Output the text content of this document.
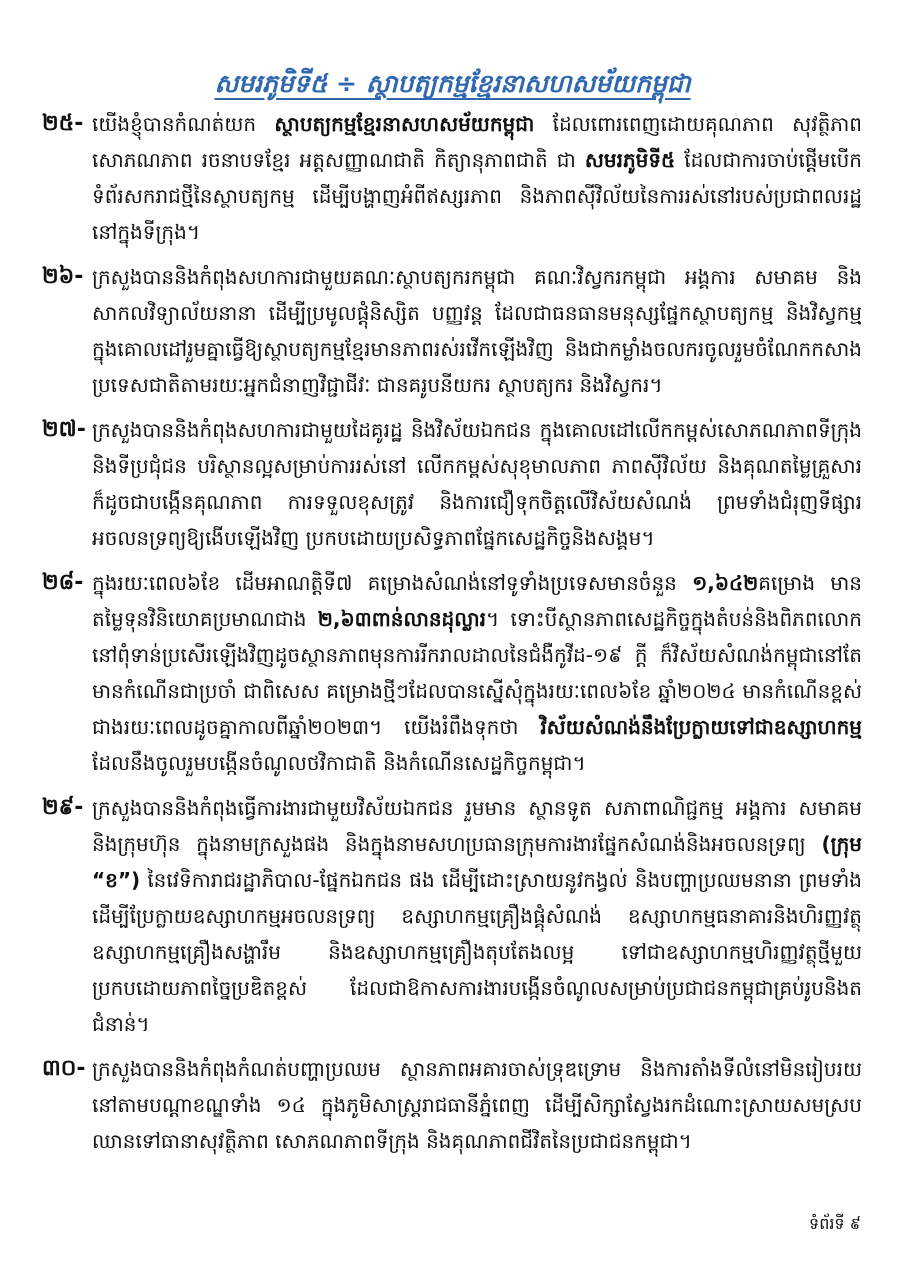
សមរភូមិទី៥ ÷ ស្ថាបត្យកម្មខ្មែរនាសហសម័យកម្ពុជា
២៥- យើងខ្ញុំបានកំណត់យក ស្ថាបត្យកម្មខ្មែរនាសហសម័យកម្ពុជា ដែលពោរពេញដោយគុណភាព សុវត្ថិភាព សោភណភាព រចនាបទខ្មែរ អត្តសញ្ញាណជាតិ កិត្យានុភាពជាតិ ជា សមរភូមិទី៥ ដែលជាការចាប់ផ្តើមបើកទំព័រសករាជថ្មីនៃស្ថាបត្យកម្ម ដើម្បីបង្ហាញអំពីឥស្សរភាព និងភាពស៊ីវិល័យនៃការរស់នៅរបស់ប្រជាពលរដ្ឋនៅក្នុងទីក្រុង។
២៦- ក្រសួងបាននិងកំពុងសហការជាមួយគណៈស្ថាបត្យករកម្ពុជា គណៈវិស្វករកម្ពុជា អង្គការ សមាគម និងសាកលវិទ្យាល័យនានា ដើម្បីប្រមូលផ្តុំនិស្សិត បញ្ញវន្ត ដែលជាធនធានមនុស្សផ្នែកស្ថាបត្យកម្ម និងវិស្វកម្ម ក្នុងគោលដៅរួមគ្នាធ្វើឱ្យស្ថាបត្យកម្មខ្មែរមានភាពរស់រវើកឡើងវិញ និងជាកម្លាំងចលករចូលរួមចំណែកកសាងប្រទេសជាតិតាមរយៈអ្នកជំនាញវិជ្ជាជីវៈ ជានគរូបនីយករ ស្ថាបត្យករ និងវិស្វករ។
២៧- ក្រសួងបាននិងកំពុងសហការជាមួយដៃគូរដ្ឋ និងវិស័យឯកជន ក្នុងគោលដៅលើកកម្ពស់សោភណភាពទីក្រុងនិងទីប្រជុំជន បរិស្ថានល្អសម្រាប់ការរស់នៅ លើកកម្ពស់សុខុមាលភាព ភាពស៊ីវិល័យ និងគុណតម្លៃគ្រួសារ ក៏ដូចជាបង្កើនគុណភាព ការទទួលខុសត្រូវ និងការជឿទុកចិត្តលើវិស័យសំណង់ ព្រមទាំងជំរុញទីផ្សារអចលនទ្រព្យឱ្យងើបឡើងវិញ ប្រកបដោយប្រសិទ្ធភាពផ្នែកសេដ្ឋកិច្ចនិងសង្គម។
២៨- ក្នុងរយៈពេល៦ខែ ដើមអាណត្តិទី៧ គម្រោងសំណង់នៅទូទាំងប្រទេសមានចំនួន ១,៦៤២គម្រោង មានតម្លៃទុនវិនិយោគប្រមាណជាង ២,៦៣ពាន់លានដុល្លារ។ ទោះបីស្ថានភាពសេដ្ឋកិច្ចក្នុងតំបន់និងពិភពលោកនៅពុំទាន់ប្រសើរឡើងវិញដូចស្ថានភាពមុនការរីករាលដាលនៃជំងឺកូវីដ-១៩ ក្តី ក៏វិស័យសំណង់កម្ពុជានៅតែមានកំណើនជាប្រចាំ ជាពិសេស គម្រោងថ្មីៗដែលបានស្នើសុំក្នុងរយៈពេល៦ខែ ឆ្នាំ២០២៤ មានកំណើនខ្ពស់ជាងរយៈពេលដូចគ្នាកាលពីឆ្នាំ២០២៣។ យើងរំពឹងទុកថា វិស័យសំណង់នឹងប្រែក្លាយទៅជាឧស្សាហកម្ម ដែលនឹងចូលរួមបង្កើនចំណូលថវិកាជាតិ និងកំណើនសេដ្ឋកិច្ចកម្ពុជា។
២៩- ក្រសួងបាននិងកំពុងធ្វើការងារជាមួយវិស័យឯកជន រួមមាន ស្ថានទូត សភាពាណិជ្ជកម្ម អង្គការ សមាគម និងក្រុមហ៊ុន ក្នុងនាមក្រសួងផង និងក្នុងនាមសហប្រធានក្រុមការងារផ្នែកសំណង់និងអចលនទ្រព្យ (ក្រុម “ខ”) នៃវេទិការាជរដ្ឋាភិបាល-ផ្នែកឯកជន ផង ដើម្បីដោះស្រាយនូវកង្វល់ និងបញ្ហាប្រឈមនានា ព្រមទាំងដើម្បីប្រែក្លាយឧស្សាហកម្មអចលនទ្រព្យ ឧស្សាហកម្មគ្រឿងផ្គុំសំណង់ ឧស្សាហកម្មធនាគារនិងហិរញ្ញវត្ថុ ឧស្សាហកម្មគ្រឿងសង្ហារឹម និងឧស្សាហកម្មគ្រឿងតុបតែងលម្អ ទៅជាឧស្សាហកម្មហិរញ្ញវត្ថុថ្មីមួយ ប្រកបដោយភាពច្នៃប្រឌិតខ្ពស់ ដែលជាឱកាសការងារបង្កើនចំណូលសម្រាប់ប្រជាជនកម្ពុជាគ្រប់រូបនិងតជំនាន់។
៣០- ក្រសួងបាននិងកំពុងកំណត់បញ្ហាប្រឈម ស្ថានភាពអគារចាស់ទ្រុឌទ្រោម និងការតាំងទីលំនៅមិនរៀបរយ នៅតាមបណ្តាខណ្ឌទាំង ១៤ ក្នុងភូមិសាស្ត្ររាជធានីភ្នំពេញ ដើម្បីសិក្សាស្វែងរកដំណោះស្រាយសមស្រប ឈានទៅធានាសុវត្ថិភាព សោភណភាពទីក្រុង និងគុណភាពជីវិតនៃប្រជាជនកម្ពុជា។
ទំព័រទី ៩
